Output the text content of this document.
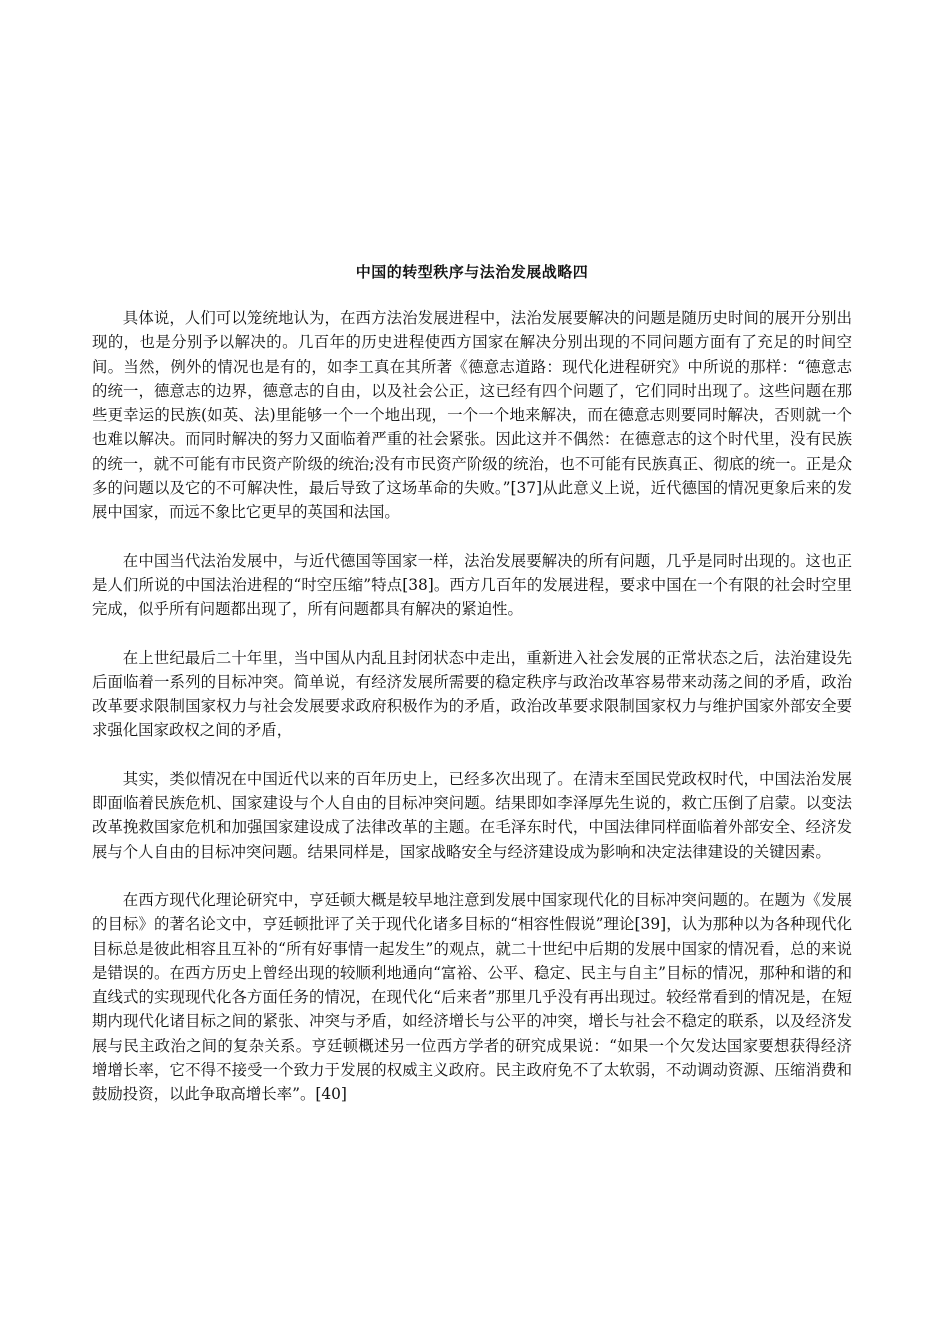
中国的转型秩序与法治发展战略四

具体说，人们可以笼统地认为，在西方法治发展进程中，法治发展要解决的问题是随历史时间的展开分别出现的，也是分别予以解决的。几百年的历史进程使西方国家在解决分别出现的不同问题方面有了充足的时间空间。当然，例外的情况也是有的，如李工真在其所著《德意志道路：现代化进程研究》中所说的那样：“德意志的统一，德意志的边界，德意志的自由，以及社会公正，这已经有四个问题了，它们同时出现了。这些问题在那些更幸运的民族(如英、法)里能够一个一个地出现，一个一个地来解决，而在德意志则要同时解决，否则就一个也难以解决。而同时解决的努力又面临着严重的社会紧张。因此这并不偶然：在德意志的这个时代里，没有民族的统一，就不可能有市民资产阶级的统治;没有市民资产阶级的统治，也不可能有民族真正、彻底的统一。正是众多的问题以及它的不可解决性，最后导致了这场革命的失败。”[37]从此意义上说，近代德国的情况更象后来的发展中国家，而远不象比它更早的英国和法国。

在中国当代法治发展中，与近代德国等国家一样，法治发展要解决的所有问题，几乎是同时出现的。这也正是人们所说的中国法治进程的“时空压缩”特点[38]。西方几百年的发展进程，要求中国在一个有限的社会时空里完成，似乎所有问题都出现了，所有问题都具有解决的紧迫性。

在上世纪最后二十年里，当中国从内乱且封闭状态中走出，重新进入社会发展的正常状态之后，法治建设先后面临着一系列的目标冲突。简单说，有经济发展所需要的稳定秩序与政治改革容易带来动荡之间的矛盾，政治改革要求限制国家权力与社会发展要求政府积极作为的矛盾，政治改革要求限制国家权力与维护国家外部安全要求强化国家政权之间的矛盾，

其实，类似情况在中国近代以来的百年历史上，已经多次出现了。在清末至国民党政权时代，中国法治发展即面临着民族危机、国家建设与个人自由的目标冲突问题。结果即如李泽厚先生说的，救亡压倒了启蒙。以变法改革挽救国家危机和加强国家建设成了法律改革的主题。在毛泽东时代，中国法律同样面临着外部安全、经济发展与个人自由的目标冲突问题。结果同样是，国家战略安全与经济建设成为影响和决定法律建设的关键因素。

在西方现代化理论研究中，亨廷顿大概是较早地注意到发展中国家现代化的目标冲突问题的。在题为《发展的目标》的著名论文中，亨廷顿批评了关于现代化诸多目标的“相容性假说”理论[39]，认为那种以为各种现代化目标总是彼此相容且互补的“所有好事情一起发生”的观点，就二十世纪中后期的发展中国家的情况看，总的来说是错误的。在西方历史上曾经出现的较顺利地通向“富裕、公平、稳定、民主与自主”目标的情况，那种和谐的和直线式的实现现代化各方面任务的情况，在现代化“后来者”那里几乎没有再出现过。较经常看到的情况是，在短期内现代化诸目标之间的紧张、冲突与矛盾，如经济增长与公平的冲突，增长与社会不稳定的联系，以及经济发展与民主政治之间的复杂关系。亨廷顿概述另一位西方学者的研究成果说：“如果一个欠发达国家要想获得经济增增长率，它不得不接受一个致力于发展的权威主义政府。民主政府免不了太软弱，不动调动资源、压缩消费和鼓励投资，以此争取高增长率”。[40]
